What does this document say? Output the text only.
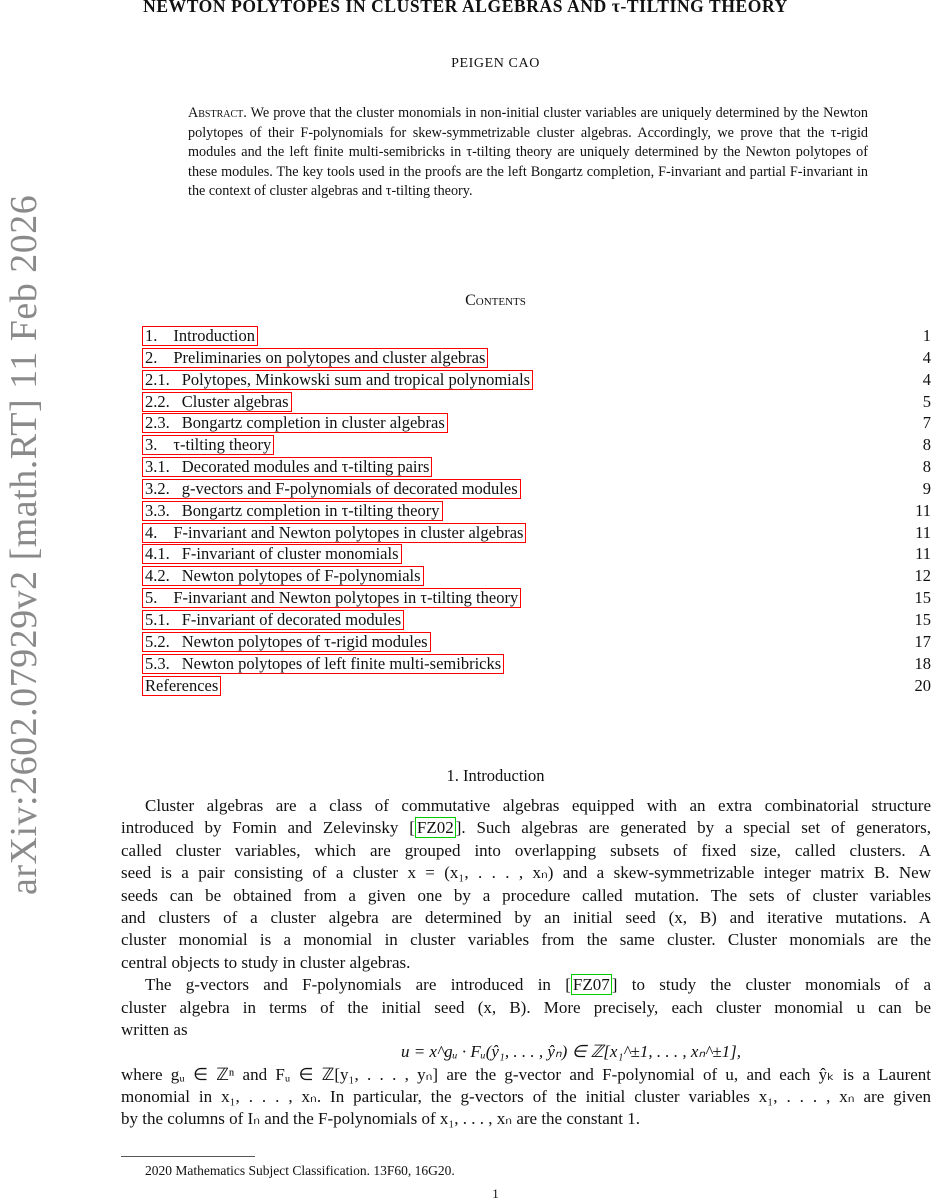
arXiv:2602.07929v2 [math.RT] 11 Feb 2026
NEWTON POLYTOPES IN CLUSTER ALGEBRAS AND τ-TILTING THEORY
PEIGEN CAO
Abstract. We prove that the cluster monomials in non-initial cluster variables are uniquely determined by the Newton polytopes of their F-polynomials for skew-symmetrizable cluster algebras. Accordingly, we prove that the τ-rigid modules and the left finite multi-semibricks in τ-tilting theory are uniquely determined by the Newton polytopes of these modules. The key tools used in the proofs are the left Bongartz completion, F-invariant and partial F-invariant in the context of cluster algebras and τ-tilting theory.
Contents
1. Introduction	1
2. Preliminaries on polytopes and cluster algebras	4
2.1. Polytopes, Minkowski sum and tropical polynomials	4
2.2. Cluster algebras	5
2.3. Bongartz completion in cluster algebras	7
3. τ-tilting theory	8
3.1. Decorated modules and τ-tilting pairs	8
3.2. g-vectors and F-polynomials of decorated modules	9
3.3. Bongartz completion in τ-tilting theory	11
4. F-invariant and Newton polytopes in cluster algebras	11
4.1. F-invariant of cluster monomials	11
4.2. Newton polytopes of F-polynomials	12
5. F-invariant and Newton polytopes in τ-tilting theory	15
5.1. F-invariant of decorated modules	15
5.2. Newton polytopes of τ-rigid modules	17
5.3. Newton polytopes of left finite multi-semibricks	18
References	20
1. Introduction
Cluster algebras are a class of commutative algebras equipped with an extra combinatorial structure
introduced by Fomin and Zelevinsky [ FZ02 ]. Such algebras are generated by a special set of generators,
called cluster variables, which are grouped into overlapping subsets of fixed size, called clusters. A
seed is a pair consisting of a cluster x = (x₁, . . . , xₙ) and a skew-symmetrizable integer matrix B. New
seeds can be obtained from a given one by a procedure called mutation. The sets of cluster variables
and clusters of a cluster algebra are determined by an initial seed (x, B) and iterative mutations. A
cluster monomial is a monomial in cluster variables from the same cluster. Cluster monomials are the
central objects to study in cluster algebras.
The g-vectors and F-polynomials are introduced in [ FZ07 ] to study the cluster monomials of a
cluster algebra in terms of the initial seed (x, B). More precisely, each cluster monomial u can be
written as
u = x^gᵤ · Fᵤ(ŷ₁, . . . , ŷₙ) ∈ ℤ[x₁^±1, . . . , xₙ^±1],
where gᵤ ∈ ℤⁿ and Fᵤ ∈ ℤ[y₁, . . . , yₙ] are the g-vector and F-polynomial of u, and each ŷₖ is a Laurent
monomial in x₁, . . . , xₙ. In particular, the g-vectors of the initial cluster variables x₁, . . . , xₙ are given
by the columns of Iₙ and the F-polynomials of x₁, . . . , xₙ are the constant 1.
2020 Mathematics Subject Classification. 13F60, 16G20.
1
